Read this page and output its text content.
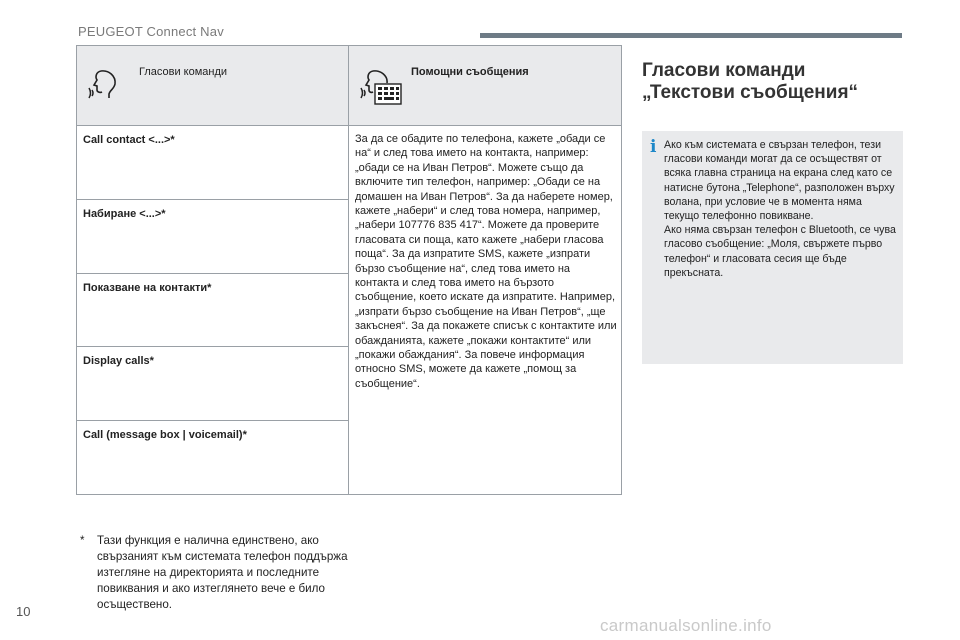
PEUGEOT Connect Nav
Гласови команди	Помощни съобщения

Call contact <...>*	За да се обадите по телефона, кажете „обади се на“ и след това името на контакта, например: „обади се на Иван Петров“. Можете също да включите тип телефон, например: „Обади се на домашен на Иван Петров“. За да наберете номер, кажете „набери“ и след това номера, например, „набери 107776 835 417“. Можете да проверите гласовата си поща, като кажете „набери гласова поща“. За да изпратите SMS, кажете „изпрати бързо съобщение на“, след това името на контакта и след това името на бързото съобщение, което искате да изпратите. Например, „изпрати бързо съобщение на Иван Петров“, „ще закъснея“. За да покажете списък с контактите или обажданията, кажете „покажи контактите“ или „покажи обаждания“. За повече информация относно SMS, можете да кажете „помощ за съобщение“.
Набиране <...>*	
Показване на контакти*	
Display calls*	
Call (message box | voicemail)*	
* Тази функция е налична единствено, ако свързаният към системата телефон поддържа изтегляне на директорията и последните повиквания и ако изтеглянето вече е било осъществено.
Гласови команди
„Текстови съобщения“
i Ако към системата е свързан телефон, тези гласови команди могат да се осъществят от всяка главна страница на екрана след като се натисне бутона „Telephone“, разположен върху волана, при условие че в момента няма текущо телефонно повикване.

Ако няма свързан телефон с Bluetooth, се чува гласово съобщение: „Моля, свържете първо телефон“ и гласовата сесия ще бъде прекъсната.

10
carmanualsonline.info
